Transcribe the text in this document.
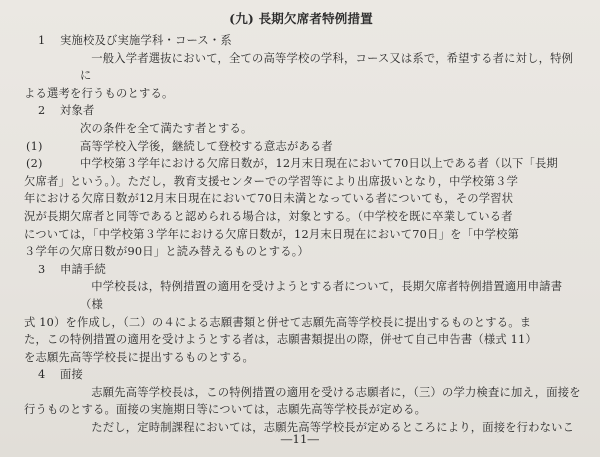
(九) 長期欠席者特例措置
1	実施校及び実施学科・コース・系
一般入学者選抜において，全ての高等学校の学科，コース又は系で，希望する者に対し，特例に
よる選考を行うものとする。
2	対象者
次の条件を全て満たす者とする。
(1)	高等学校入学後，継続して登校する意志がある者
(2)	中学校第３学年における欠席日数が，12月末日現在において70日以上である者（以下「長期
欠席者」という。）。ただし，教育支援センターでの学習等により出席扱いとなり，中学校第３学
年における欠席日数が12月末日現在において70日未満となっている者についても，その学習状
況が長期欠席者と同等であると認められる場合は，対象とする。（中学校を既に卒業している者
については，「中学校第３学年における欠席日数が，12月末日現在において70日」を「中学校第
３学年の欠席日数が90日」と読み替えるものとする。）
3	申請手続
中学校長は，特例措置の適用を受けようとする者について，長期欠席者特例措置適用申請書（様
式 10）を作成し，（二）の４による志願書類と併せて志願先高等学校長に提出するものとする。ま
た，この特例措置の適用を受けようとする者は，志願書類提出の際，併せて自己申告書（様式 11）
を志願先高等学校長に提出するものとする。
4	面接
志願先高等学校長は，この特例措置の適用を受ける志願者に，（三）の学力検査に加え，面接を
行うものとする。面接の実施期日等については，志願先高等学校長が定める。
ただし，定時制課程においては，志願先高等学校長が定めるところにより，面接を行わないこ
―11―
